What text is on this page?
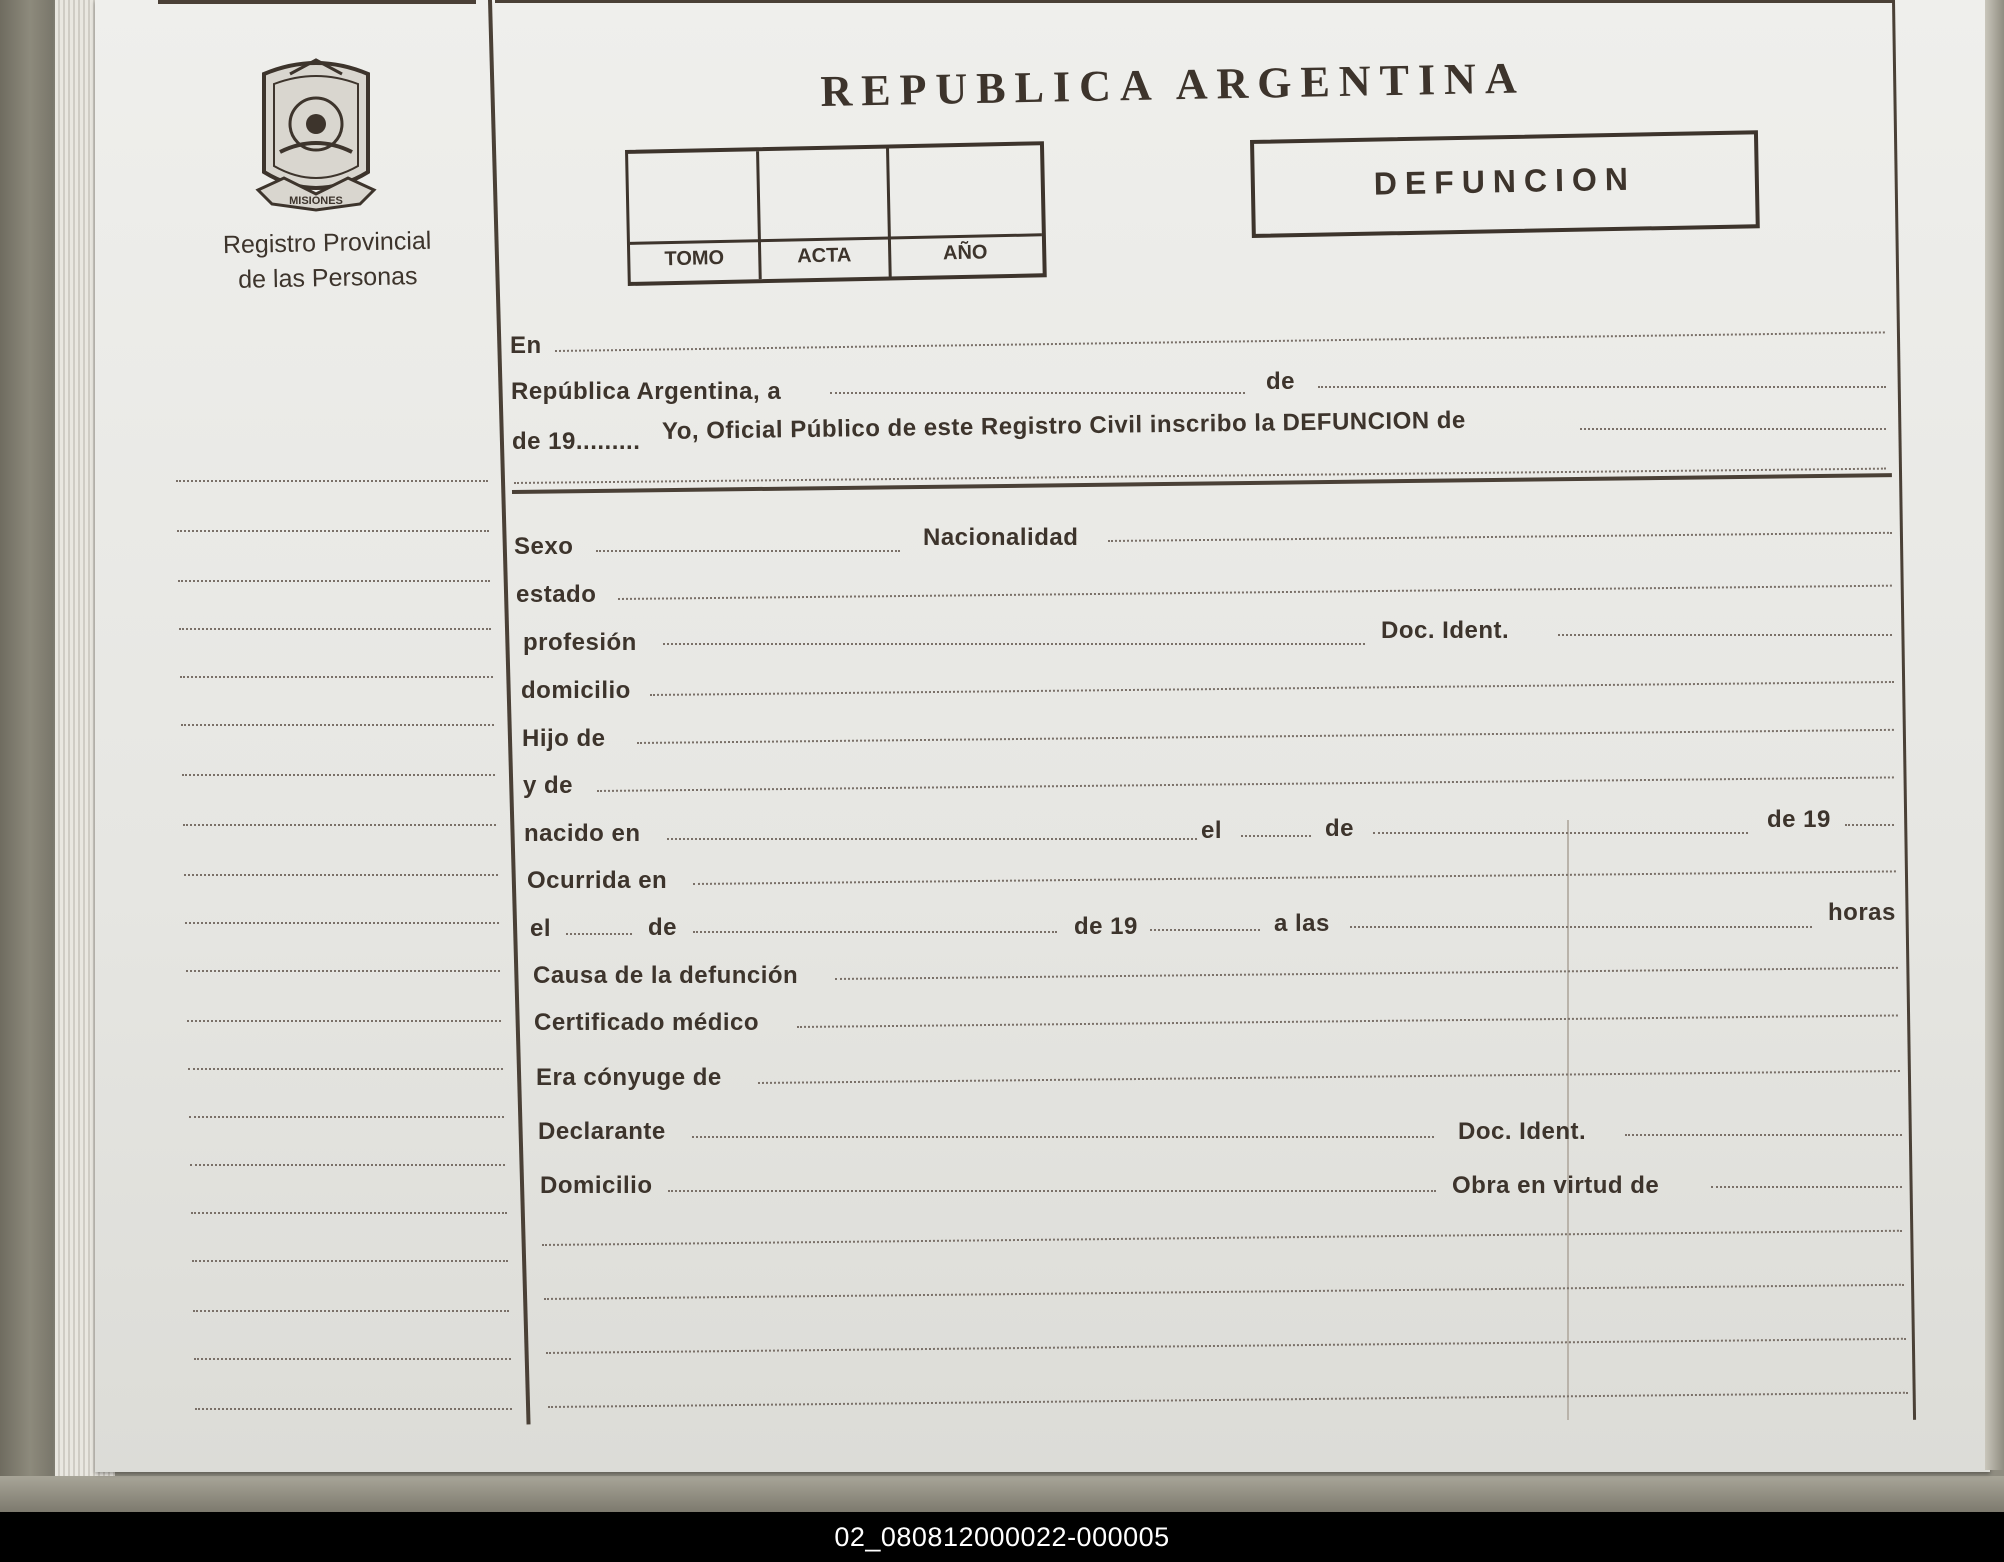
MISIONES
Registro Provincial
de las Personas
REPUBLICA ARGENTINA
TOMO	ACTA	AÑO
DEFUNCION
En
República Argentina, a	de
de 19......... Yo, Oficial Público de este Registro Civil inscribo la DEFUNCION de
Sexo	Nacionalidad
estado
profesión	Doc. Ident.
domicilio
Hijo de
y de
nacido en	el	de	de 19
Ocurrida en
el	de	de 19	a las	horas
Causa de la defunción
Certificado médico
Era cónyuge de
Declarante	Doc. Ident.
Domicilio	Obra en virtud de
02_080812000022-000005
